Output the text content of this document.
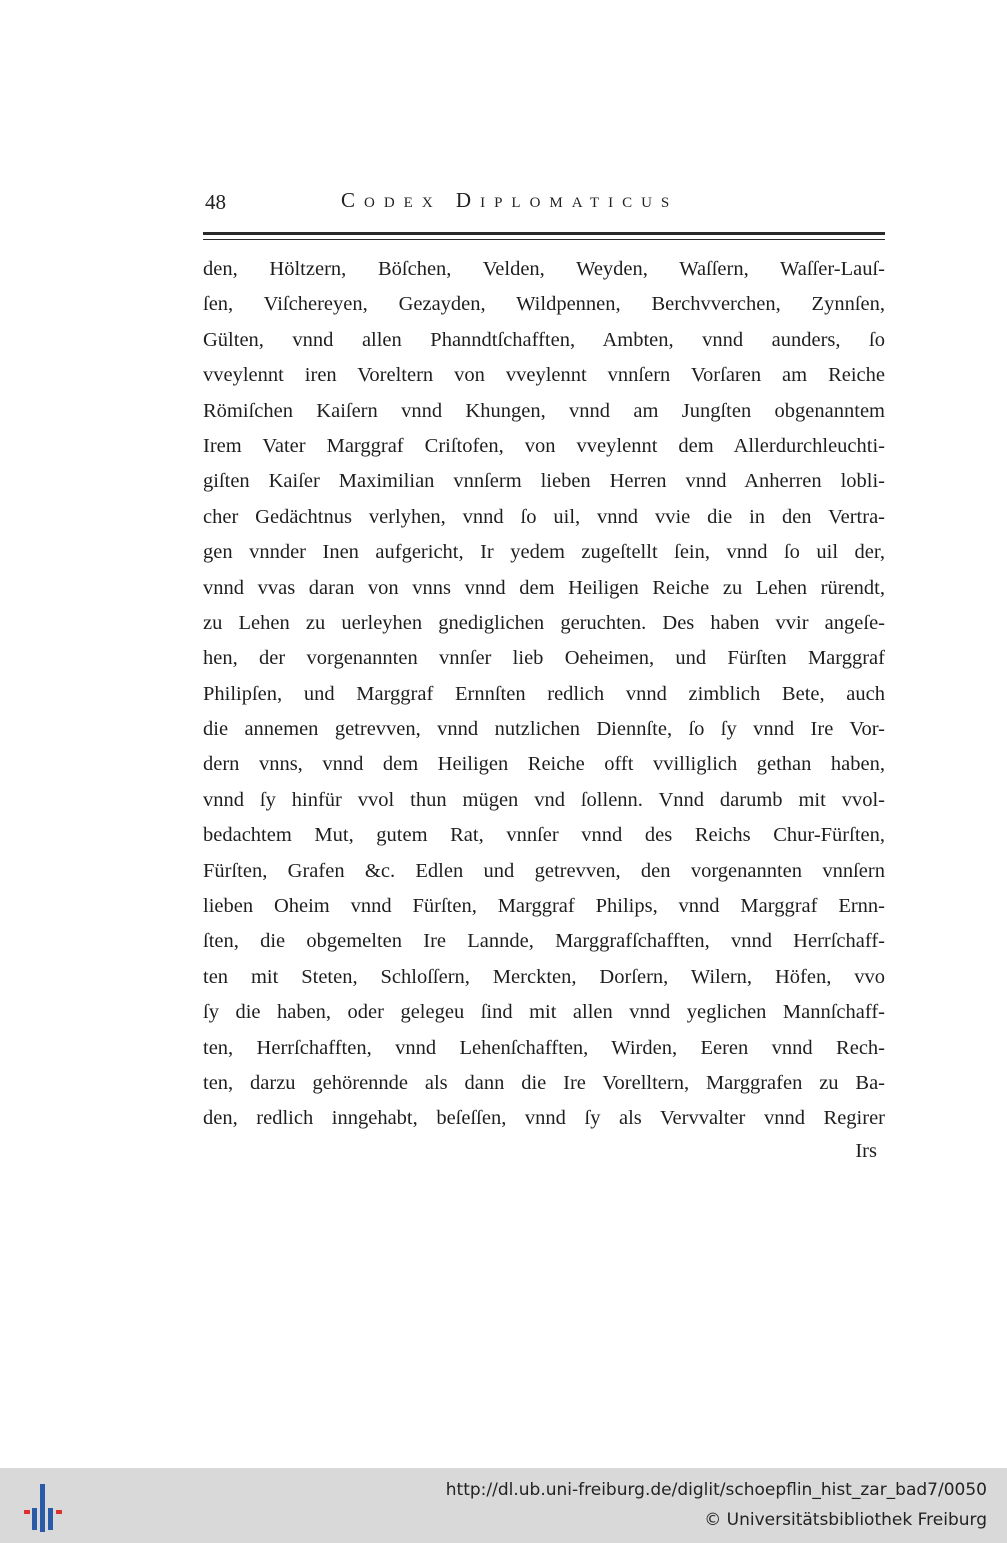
48	Codex Diplomaticus
den, Höltzern, Böſchen, Velden, Weyden, Waſſern, Waſſer-Lauſ-
ſen, Viſchereyen, Gezayden, Wildpennen, Berchvverchen, Zynnſen,
Gülten, vnnd allen Phanndtſchafften, Ambten, vnnd aunders, ſo
vveylennt iren Voreltern von vveylennt vnnſern Vorſaren am Reiche
Römiſchen Kaiſern vnnd Khungen, vnnd am Jungſten obgenanntem
Irem Vater Marggraf Criſtofen, von vveylennt dem Allerdurchleuchti-
giſten Kaiſer Maximilian vnnſerm lieben Herren vnnd Anherren lobli-
cher Gedächtnus verlyhen, vnnd ſo uil, vnnd vvie die in den Vertra-
gen vnnder Inen aufgericht, Ir yedem zugeſtellt ſein, vnnd ſo uil der,
vnnd vvas daran von vnns vnnd dem Heiligen Reiche zu Lehen rürendt,
zu Lehen zu uerleyhen gnediglichen geruchten. Des haben vvir angeſe-
hen, der vorgenannten vnnſer lieb Oeheimen, und Fürſten Marggraf
Philipſen, und Marggraf Ernnſten redlich vnnd zimblich Bete, auch
die annemen getrevven, vnnd nutzlichen Diennſte, ſo ſy vnnd Ire Vor-
dern vnns, vnnd dem Heiligen Reiche offt vvilliglich gethan haben,
vnnd ſy hinfür vvol thun mügen vnd ſollenn. Vnnd darumb mit vvol-
bedachtem Mut, gutem Rat, vnnſer vnnd des Reichs Chur-Fürſten,
Fürſten, Grafen &c. Edlen und getrevven, den vorgenannten vnnſern
lieben Oheim vnnd Fürſten, Marggraf Philips, vnnd Marggraf Ernn-
ſten, die obgemelten Ire Lannde, Marggrafſchafften, vnnd Herrſchaff-
ten mit Steten, Schloſſern, Merckten, Dorſern, Wilern, Höfen, vvo
ſy die haben, oder gelegeu ſind mit allen vnnd yeglichen Mannſchaff-
ten, Herrſchafften, vnnd Lehenſchafften, Wirden, Eeren vnnd Rech-
ten, darzu gehörennde als dann die Ire Vorelltern, Marggrafen zu Ba-
den, redlich inngehabt, beſeſſen, vnnd ſy als Vervvalter vnnd Regirer
Irs
http://dl.ub.uni-freiburg.de/diglit/schoepflin_hist_zar_bad7/0050
© Universitätsbibliothek Freiburg
